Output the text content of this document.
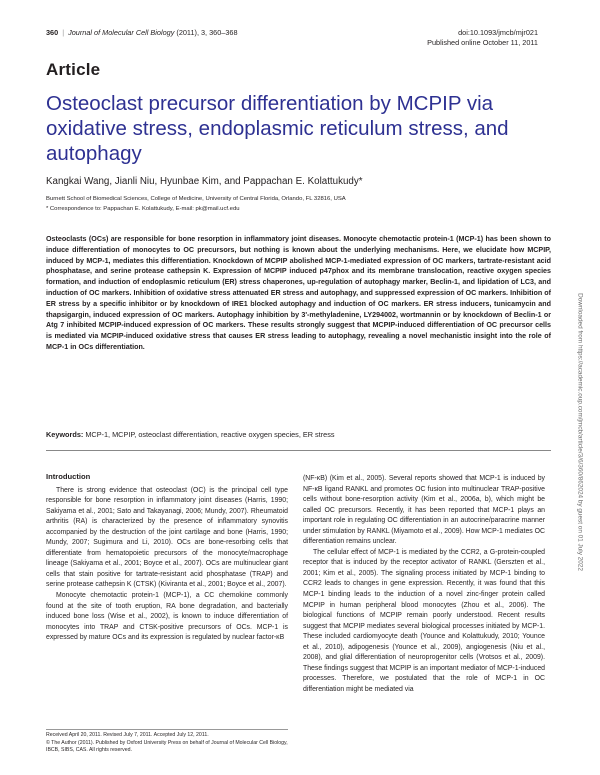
360 | Journal of Molecular Cell Biology (2011), 3, 360–368	doi:10.1093/jmcb/mjr021
Published online October 11, 2011
Article
Osteoclast precursor differentiation by MCPIP via oxidative stress, endoplasmic reticulum stress, and autophagy
Kangkai Wang, Jianli Niu, Hyunbae Kim, and Pappachan E. Kolattukudy*
Burnett School of Biomedical Sciences, College of Medicine, University of Central Florida, Orlando, FL 32816, USA
* Correspondence to: Pappachan E. Kolattukudy, E-mail: pk@mail.ucf.edu
Osteoclasts (OCs) are responsible for bone resorption in inflammatory joint diseases. Monocyte chemotactic protein-1 (MCP-1) has been shown to induce differentiation of monocytes to OC precursors, but nothing is known about the underlying mechanisms. Here, we elucidate how MCPIP, induced by MCP-1, mediates this differentiation. Knockdown of MCPIP abolished MCP-1-mediated expression of OC markers, tartrate-resistant acid phosphatase, and serine protease cathepsin K. Expression of MCPIP induced p47phox and its membrane translocation, reactive oxygen species formation, and induction of endoplasmic reticulum (ER) stress chaperones, up-regulation of autophagy marker, Beclin-1, and lipidation of LC3, and induction of OC markers. Inhibition of oxidative stress attenuated ER stress and autophagy, and suppressed expression of OC markers. Inhibition of ER stress by a specific inhibitor or by knockdown of IRE1 blocked autophagy and induction of OC markers. ER stress inducers, tunicamycin and thapsigargin, induced expression of OC markers. Autophagy inhibition by 3'-methyladenine, LY294002, wortmannin or by knockdown of Beclin-1 or Atg 7 inhibited MCPIP-induced expression of OC markers. These results strongly suggest that MCPIP-induced differentiation of OC precursor cells is mediated via MCPIP-induced oxidative stress that causes ER stress leading to autophagy, revealing a novel mechanistic insight into the role of MCP-1 in OCs differentiation.
Keywords: MCP-1, MCPIP, osteoclast differentiation, reactive oxygen species, ER stress

Introduction

There is strong evidence that osteoclast (OC) is the principal cell type responsible for bone resorption in inflammatory joint diseases (Harris, 1990; Sakiyama et al., 2001; Sato and Takayanagi, 2006; Mundy, 2007). Rheumatoid arthritis (RA) is characterized by the presence of inflammatory synovitis accompanied by the destruction of the joint cartilage and bone (Harris, 1990; Mundy, 2007; Sugimura and Li, 2010). OCs are bone-resorbing cells that differentiate from hematopoietic precursors of the monocyte/macrophage lineage (Sakiyama et al., 2001; Boyce et al., 2007). OCs are multinuclear giant cells that stain positive for tartrate-resistant acid phosphatase (TRAP) and serine protease cathepsin K (CTSK) (Kiviranta et al., 2001; Boyce et al., 2007).

Monocyte chemotactic protein-1 (MCP-1), a CC chemokine commonly found at the site of tooth eruption, RA bone degradation, and bacterially induced bone loss (Wise et al., 2002), is known to induce differentiation of monocytes into TRAP and CTSK-positive precursors of OCs. MCP-1 is expressed by mature OCs and its expression is regulated by nuclear factor-κB

(NF-κB) (Kim et al., 2005). Several reports showed that MCP-1 is induced by NF-κB ligand RANKL and promotes OC fusion into multinuclear TRAP-positive cells without bone-resorption activity (Kim et al., 2006a, b), which might be called OC precursors. Recently, it has been reported that MCP-1 plays an important role in regulating OC differentiation in an autocrine/paracrine manner under stimulation by RANKL (Miyamoto et al., 2009). How MCP-1 mediates OC differentiation remains unclear.

The cellular effect of MCP-1 is mediated by the CCR2, a G-protein-coupled receptor that is induced by the receptor activator of RANKL (Gerszten et al., 2001; Kim et al., 2005). The signaling process initiated by MCP-1 binding to CCR2 leads to changes in gene expression. Recently, it was found that this MCP-1 binding leads to the induction of a novel zinc-finger protein called MCPIP in human peripheral blood monocytes (Zhou et al., 2006). The biological functions of MCPIP remain poorly understood. Recent results suggest that MCPIP mediates several biological processes initiated by MCP-1. These included cardiomyocyte death (Younce and Kolattukudy, 2010; Younce et al., 2010), adipogenesis (Younce et al., 2009), angiogenesis (Niu et al., 2008), and glial differentiation of neuroprogenitor cells (Vrotsos et al., 2009). These findings suggest that MCPIP is an important mediator of MCP-1-induced processes. Therefore, we postulated that the role of MCP-1 in OC differentiation might be mediated via

Received April 20, 2011. Revised July 7, 2011. Accepted July 12, 2011.
© The Author (2011). Published by Oxford University Press on behalf of Journal of Molecular Cell Biology, IBCB, SIBS, CAS. All rights reserved.
Downloaded from https://academic.oup.com/jmcb/article/3/6/360/862024 by guest on 01 July 2022
